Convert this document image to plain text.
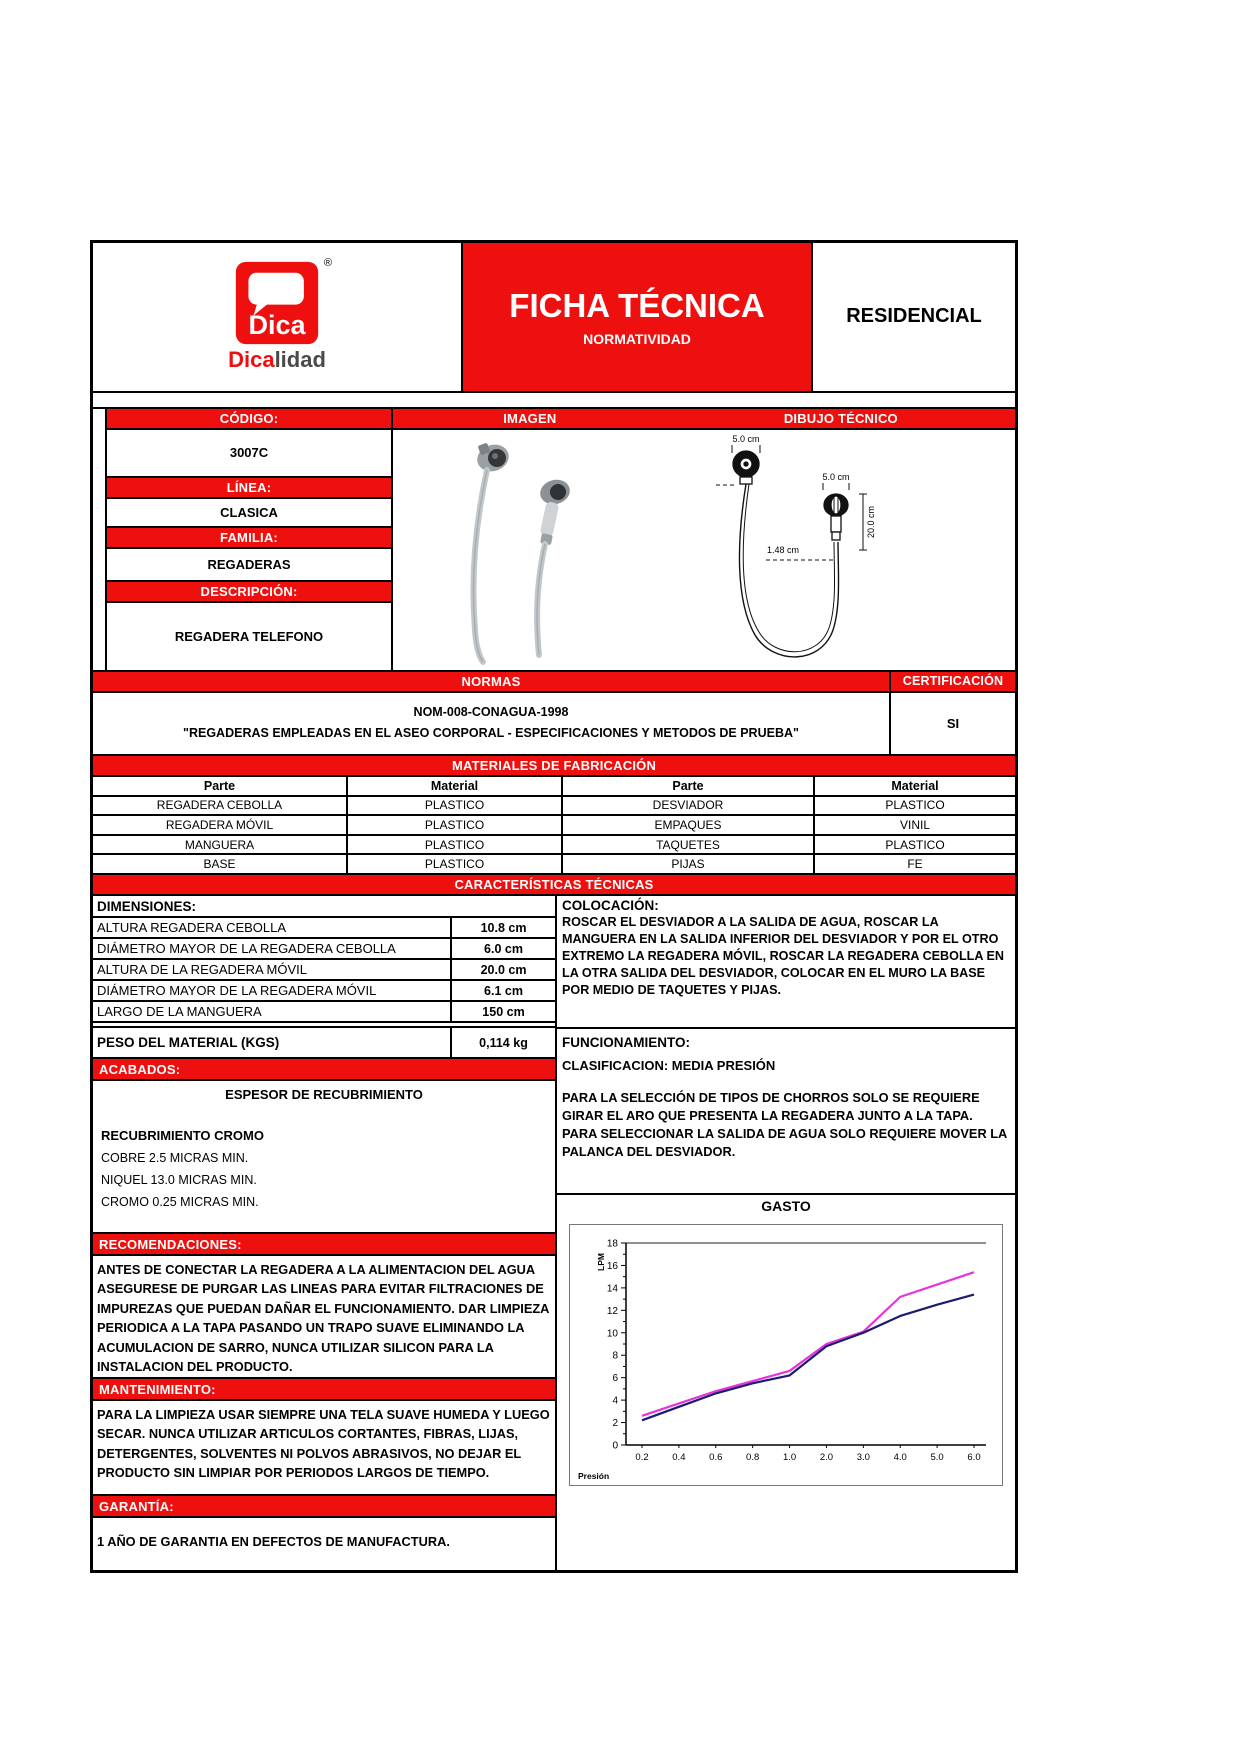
Dica
®
Dicalidad
FICHA TÉCNICA
NORMATIVIDAD
RESIDENCIAL
CÓDIGO:
3007C
LÍNEA:
CLASICA
FAMILIA:
REGADERAS
DESCRIPCIÓN:
REGADERA TELEFONO
IMAGEN	DIBUJO TÉCNICO
5.0 cm
5.0 cm
20.0 cm
1.48 cm
NORMAS	CERTIFICACIÓN
NOM-008-CONAGUA-1998
"REGADERAS EMPLEADAS EN EL ASEO CORPORAL - ESPECIFICACIONES Y METODOS DE PRUEBA"
SI
MATERIALES DE FABRICACIÓN
Parte	Material	Parte	Material
REGADERA CEBOLLA	PLASTICO	DESVIADOR	PLASTICO
REGADERA MÓVIL	PLASTICO	EMPAQUES	VINIL
MANGUERA	PLASTICO	TAQUETES	PLASTICO
BASE	PLASTICO	PIJAS	FE
CARACTERÍSTICAS TÉCNICAS
DIMENSIONES:
ALTURA REGADERA CEBOLLA	10.8 cm
DIÁMETRO MAYOR DE LA REGADERA CEBOLLA	6.0 cm
ALTURA DE LA REGADERA MÓVIL	20.0 cm
DIÁMETRO MAYOR DE LA REGADERA MÓVIL	6.1 cm
LARGO DE LA MANGUERA	150 cm
PESO DEL MATERIAL (KGS)	0,114 kg
ACABADOS:
ESPESOR DE RECUBRIMIENTO
RECUBRIMIENTO CROMO
COBRE 2.5 MICRAS MIN.
NIQUEL 13.0 MICRAS MIN.
CROMO 0.25 MICRAS MIN.
RECOMENDACIONES:
ANTES DE CONECTAR LA REGADERA A LA ALIMENTACION DEL AGUA ASEGURESE DE PURGAR LAS LINEAS PARA EVITAR FILTRACIONES DE IMPUREZAS QUE PUEDAN DAÑAR EL FUNCIONAMIENTO. DAR LIMPIEZA PERIODICA A LA TAPA PASANDO UN TRAPO SUAVE ELIMINANDO LA ACUMULACION DE SARRO, NUNCA UTILIZAR SILICON PARA LA INSTALACION DEL PRODUCTO.
MANTENIMIENTO:
PARA LA LIMPIEZA USAR SIEMPRE UNA TELA SUAVE HUMEDA Y LUEGO SECAR. NUNCA UTILIZAR ARTICULOS CORTANTES, FIBRAS, LIJAS, DETERGENTES, SOLVENTES NI POLVOS ABRASIVOS, NO DEJAR EL PRODUCTO SIN LIMPIAR POR PERIODOS LARGOS DE TIEMPO.
GARANTÍA:
1 AÑO DE GARANTIA EN DEFECTOS DE MANUFACTURA.
COLOCACIÓN:
ROSCAR EL DESVIADOR A LA SALIDA DE AGUA, ROSCAR LA MANGUERA EN LA SALIDA INFERIOR DEL DESVIADOR Y POR EL OTRO EXTREMO LA REGADERA MÓVIL, ROSCAR LA REGADERA CEBOLLA EN LA OTRA SALIDA DEL DESVIADOR, COLOCAR EN EL MURO LA BASE POR MEDIO DE TAQUETES Y PIJAS.
FUNCIONAMIENTO:
CLASIFICACION: MEDIA PRESIÓN
PARA LA SELECCIÓN DE TIPOS DE CHORROS SOLO SE REQUIERE GIRAR EL ARO QUE PRESENTA LA REGADERA JUNTO A LA TAPA. PARA SELECCIONAR LA SALIDA DE AGUA SOLO REQUIERE MOVER LA PALANCA DEL DESVIADOR.
GASTO
0
2
4
6
8
10
12
14
16
18
0.2 0.4 0.6 0.8 1.0 2.0 3.0 4.0 5.0 6.0
LPM
Presión
